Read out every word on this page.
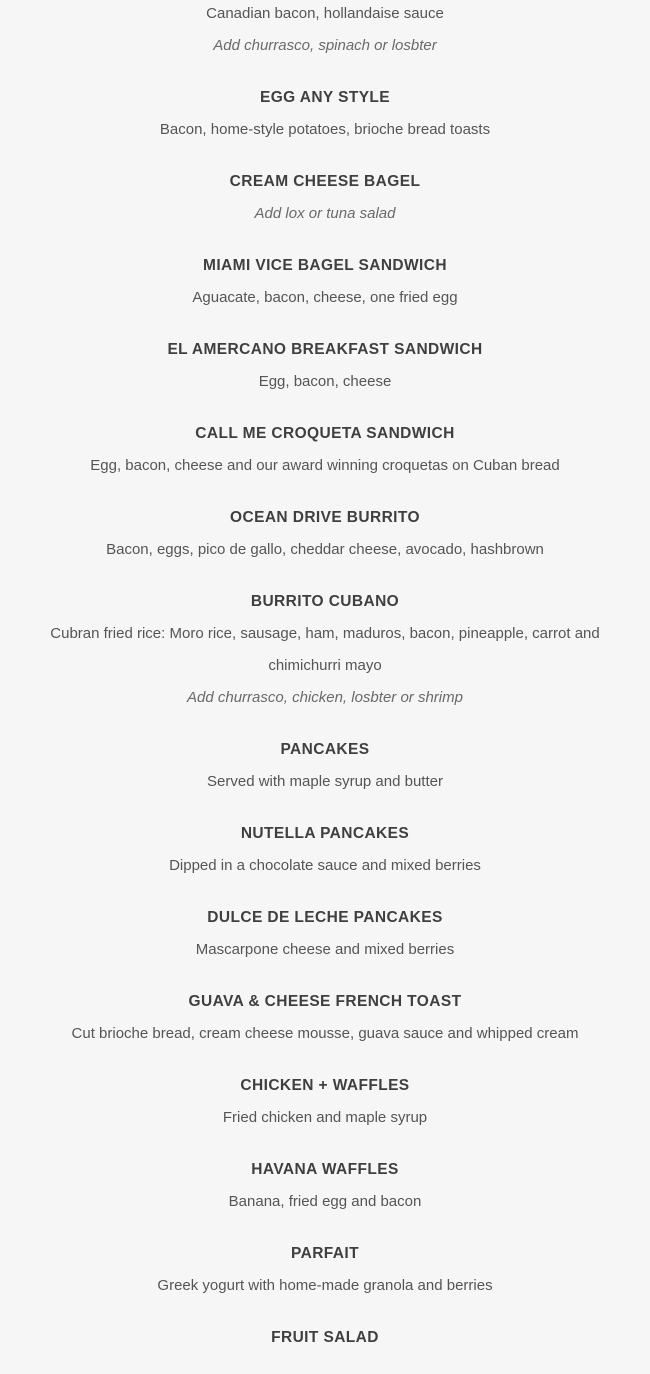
Canadian bacon, hollandaise sauce
Add churrasco, spinach or losbter
EGG ANY STYLE
Bacon, home-style potatoes, brioche bread toasts
CREAM CHEESE BAGEL
Add lox or tuna salad
MIAMI VICE BAGEL SANDWICH
Aguacate, bacon, cheese, one fried egg
EL AMERCANO BREAKFAST SANDWICH
Egg, bacon, cheese
CALL ME CROQUETA SANDWICH
Egg, bacon, cheese and our award winning croquetas on Cuban bread
OCEAN DRIVE BURRITO
Bacon, eggs, pico de gallo, cheddar cheese, avocado, hashbrown
BURRITO CUBANO
Cubran fried rice: Moro rice, sausage, ham, maduros, bacon, pineapple, carrot and chimichurri mayo
Add churrasco, chicken, losbter or shrimp
PANCAKES
Served with maple syrup and butter
NUTELLA PANCAKES
Dipped in a chocolate sauce and mixed berries
DULCE DE LECHE PANCAKES
Mascarpone cheese and mixed berries
GUAVA & CHEESE FRENCH TOAST
Cut brioche bread, cream cheese mousse, guava sauce and whipped cream
CHICKEN + WAFFLES
Fried chicken and maple syrup
HAVANA WAFFLES
Banana, fried egg and bacon
PARFAIT
Greek yogurt with home-made granola and berries
FRUIT SALAD
